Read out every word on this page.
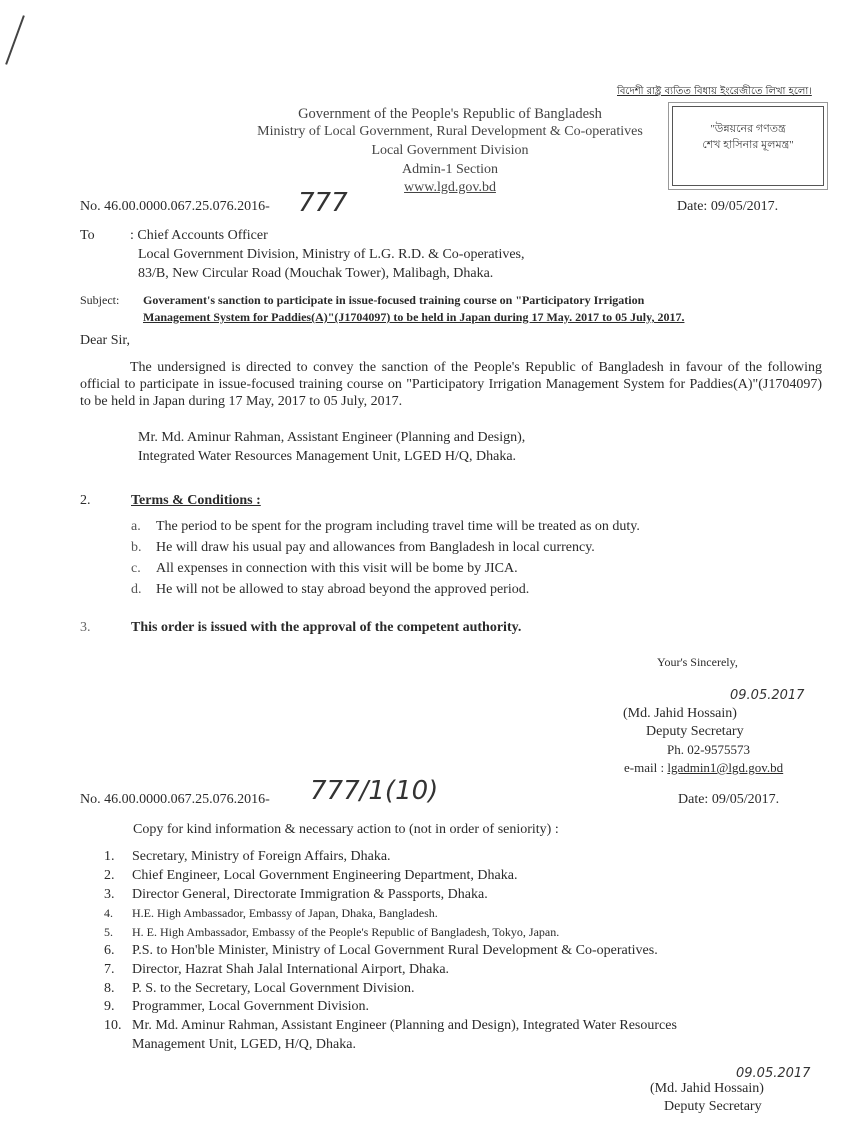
বিদেশী রাষ্ট্র ব্যতিত বিধায় ইংরেজীতে লিখা হলো।
Government of the People's Republic of Bangladesh
Ministry of Local Government, Rural Development & Co-operatives
Local Government Division
Admin-1 Section
www.lgd.gov.bd
"উন্নয়নের গণতন্ত্র
শেখ হাসিনার মূলমন্ত্র"
No. 46.00.0000.067.25.076.2016- 777	Date: 09/05/2017.
To	: Chief Accounts Officer
Local Government Division, Ministry of L.G. R.D. & Co-operatives,
83/B, New Circular Road (Mouchak Tower), Malibagh, Dhaka.
Subject: Goverament's sanction to participate in issue-focused training course on "Participatory Irrigation
Management System for Paddies(A)"(J1704097) to be held in Japan during 17 May. 2017 to 05 July, 2017.
Dear Sir,
The undersigned is directed to convey the sanction of the People's Republic of Bangladesh in favour of the following official to participate in issue-focused training course on "Participatory Irrigation Management System for Paddies(A)"(J1704097) to be held in Japan during 17 May, 2017 to 05 July, 2017.
Mr. Md. Aminur Rahman, Assistant Engineer (Planning and Design),
Integrated Water Resources Management Unit, LGED H/Q, Dhaka.
2.	Terms & Conditions :
a. The period to be spent for the program including travel time will be treated as on duty.
b. He will draw his usual pay and allowances from Bangladesh in local currency.
c. All expenses in connection with this visit will be bome by JICA.
d. He will not be allowed to stay abroad beyond the approved period.
3.	This order is issued with the approval of the competent authority.
Your's Sincerely,
09.05.2017
(Md. Jahid Hossain)
Deputy Secretary
Ph. 02-9575573
e-mail : lgadmin1@lgd.gov.bd
No. 46.00.0000.067.25.076.2016- 777/1(10)	Date: 09/05/2017.
Copy for kind information & necessary action to (not in order of seniority) :
1. Secretary, Ministry of Foreign Affairs, Dhaka.
2. Chief Engineer, Local Government Engineering Department, Dhaka.
3. Director General, Directorate Immigration & Passports, Dhaka.
4. H.E. High Ambassador, Embassy of Japan, Dhaka, Bangladesh.
5. H. E. High Ambassador, Embassy of the People's Republic of Bangladesh, Tokyo, Japan.
6. P.S. to Hon'ble Minister, Ministry of Local Government Rural Development & Co-operatives.
7. Director, Hazrat Shah Jalal International Airport, Dhaka.
8. P. S. to the Secretary, Local Government Division.
9. Programmer, Local Government Division.
10. Mr. Md. Aminur Rahman, Assistant Engineer (Planning and Design), Integrated Water Resources
Management Unit, LGED, H/Q, Dhaka.
09.05.2017
(Md. Jahid Hossain)
Deputy Secretary
